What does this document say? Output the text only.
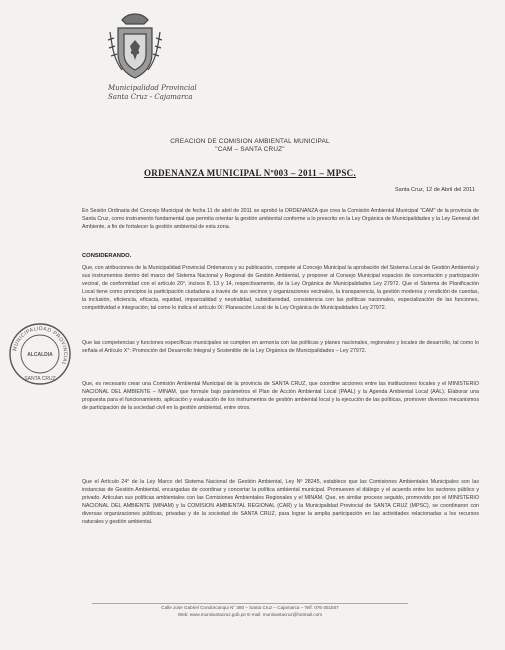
Municipalidad Provincial
Santa Cruz - Cajamarca
CREACION DE COMISION AMBIENTAL MUNICIPAL
"CAM – SANTA CRUZ"
ORDENANZA MUNICIPAL Nº003 – 2011 – MPSC.
Santa Cruz, 12 de Abril del 2011
En Sesión Ordinaria del Concejo Municipal de fecha 11 de abril de 2011 se aprobó la ORDENANZA que crea la Comisión Ambiental Municipal "CAM" de la provincia de Santa Cruz, como instrumento fundamental que permita orientar la gestión ambiental conforme a lo prescrito en la Ley Orgánica de Municipalidades y la Ley General del Ambiente, a fin de fortalecer la gestión ambiental de esta zona.
CONSIDERANDO.
Que, con atribuciones de la Municipalidad Provincial Ordenanza y su publicación, compete al Concejo Municipal la aprobación del Sistema Local de Gestión Ambiental y sus instrumentos dentro del marco del Sistema Nacional y Regional de Gestión Ambiental, y proponer al Consejo Municipal espacios de concertación y participación vecinal, de conformidad con el artículo 20°, incisos 8, 13 y 14, respectivamente, de la Ley Orgánica de Municipalidades Ley 27972. Que el Sistema de Planificación Local tiene como principios la participación ciudadana a través de sus vecinos y organizaciones vecinales, la transparencia, la gestión moderna y rendición de cuentas, la inclusión, eficiencia, eficacia, equidad, imparcialidad y neutralidad, subsidiariedad, consistencia con las políticas nacionales, especialización de las funciones, competitividad e integración; tal como lo indica el artículo IX: Planeación Local de la Ley Orgánica de Municipalidades Ley 27972.
Que las competencias y funciones específicas municipales se cumplen en armonía con las políticas y planes nacionales, regionales y locales de desarrollo, tal como lo señala el Artículo X°: Promoción del Desarrollo Integral y Sostenible de la Ley Orgánica de Municipalidades – Ley 27972.
Que, es necesario crear una Comisión Ambiental Municipal de la provincia de SANTA CRUZ, que coordine acciones entre las instituciones locales y el MINISTERIO NACIONAL DEL AMBIENTE – MINAM, que formule bajo parámetros el Plan de Acción Ambiental Local (PAAL) y la Agenda Ambiental Local (AAL). Elaborar una propuesta para el funcionamiento, aplicación y evaluación de los instrumentos de gestión ambiental local y la ejecución de las políticas, promover diversos mecanismos de participación de la sociedad civil en la gestión ambiental, entre otros.
Que el Artículo 24° de la Ley Marco del Sistema Nacional de Gestión Ambiental, Ley Nº 28245, establece que las Comisiones Ambientales Municipales son las instancias de Gestión Ambiental, encargadas de coordinar y concertar la política ambiental municipal. Promueven el diálogo y el acuerdo entre los sectores público y privado. Articulan sus políticas ambientales con las Comisiones Ambientales Regionales y el MINAM. Que, en similar proceso seguido, promovido por el MINISTERIO NACIONAL DEL AMBIENTE (MINAM) y la COMISION AMBIENTAL REGIONAL (CAR) y la Municipalidad Provincial de SANTA CRUZ (MPSC), se coordinaron con diversas organizaciones públicas, privadas y de la sociedad de SANTA CRUZ, para lograr la amplia participación en las actividades relacionadas a los recursos naturales y gestión ambiental.
MUNICIPALIDAD PROVINCIAL
ALCALDIA
SANTA CRUZ
Calle Jose Gabriel Condorcanqui N° 380 – Santa Cruz – Cajamarca – Telf. 076-351507
Web: www.munisantacruz.gob.pe E-mail: munisantacruz@hotmail.com
